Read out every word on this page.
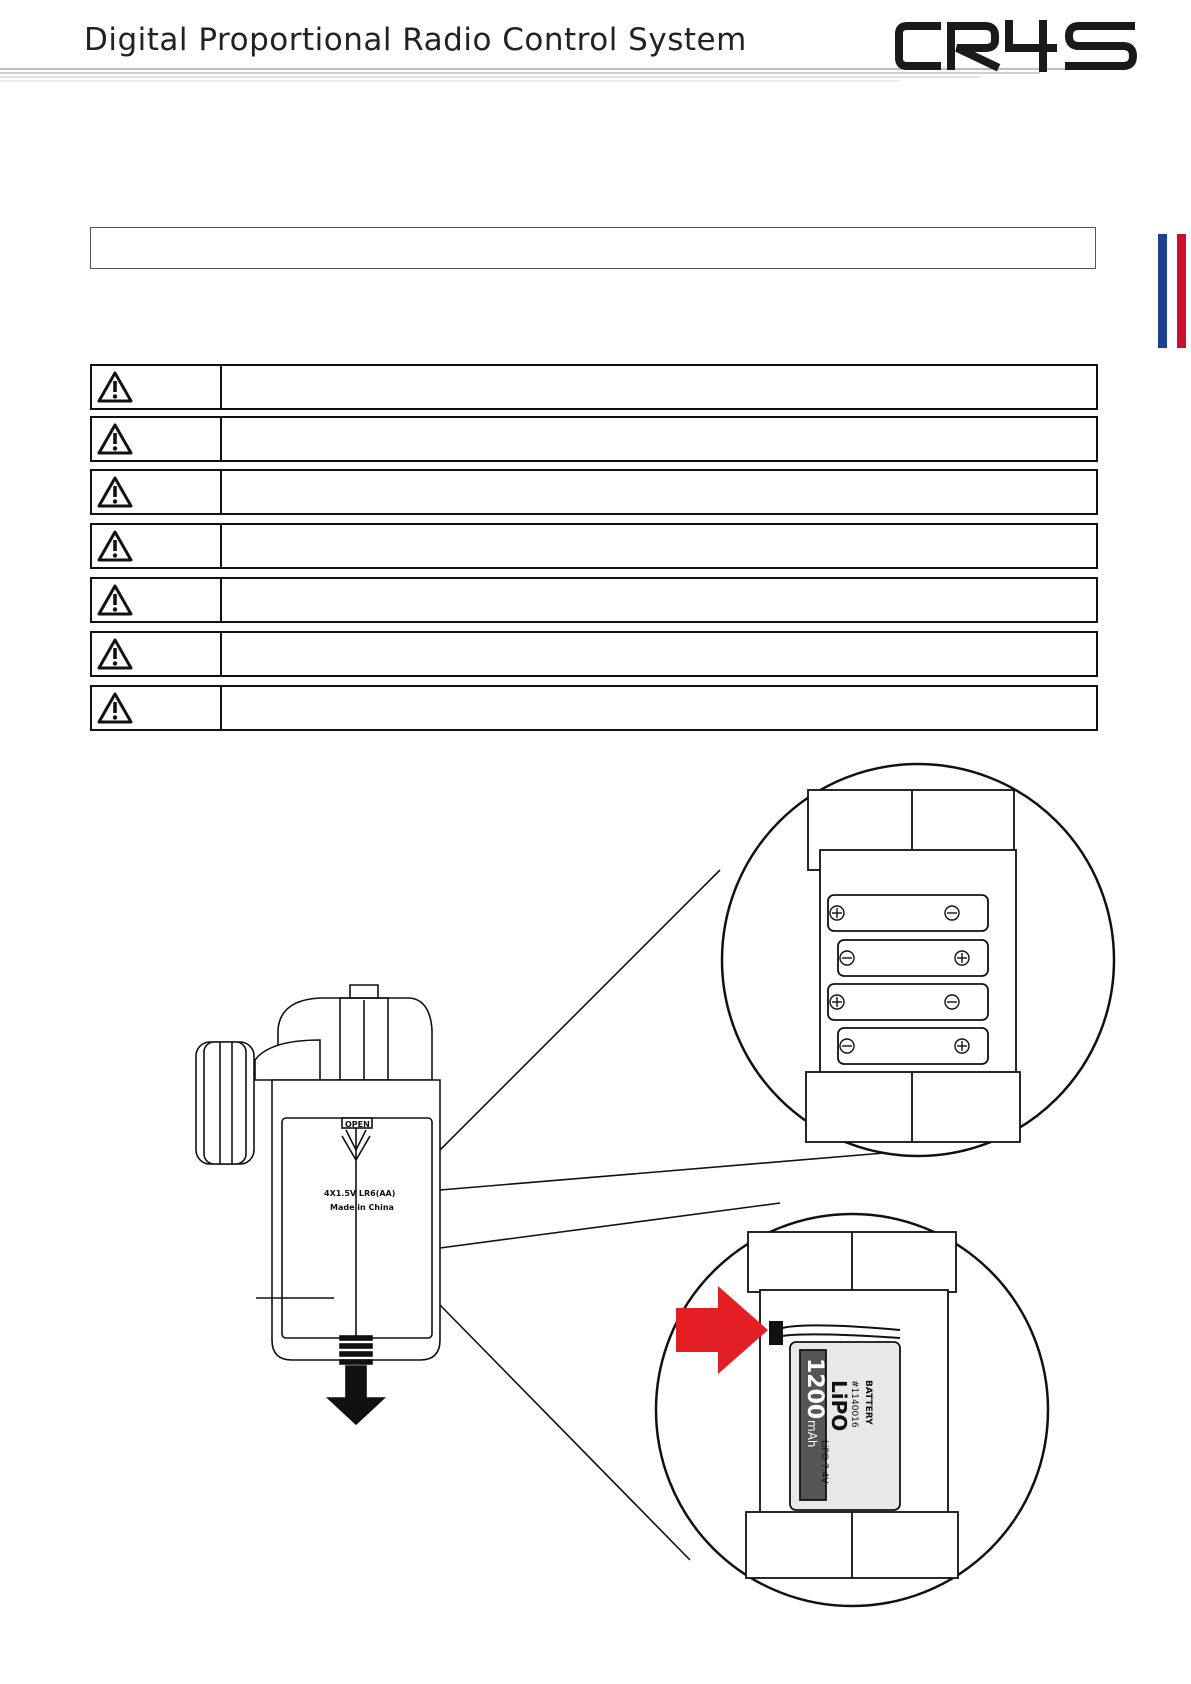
Digital Proportional Radio Control System
OPEN
4X1.5V LR6(AA)
Made in China
LiPO BATTERY
1200
mAh
#1140016
LiPO 7.4V
